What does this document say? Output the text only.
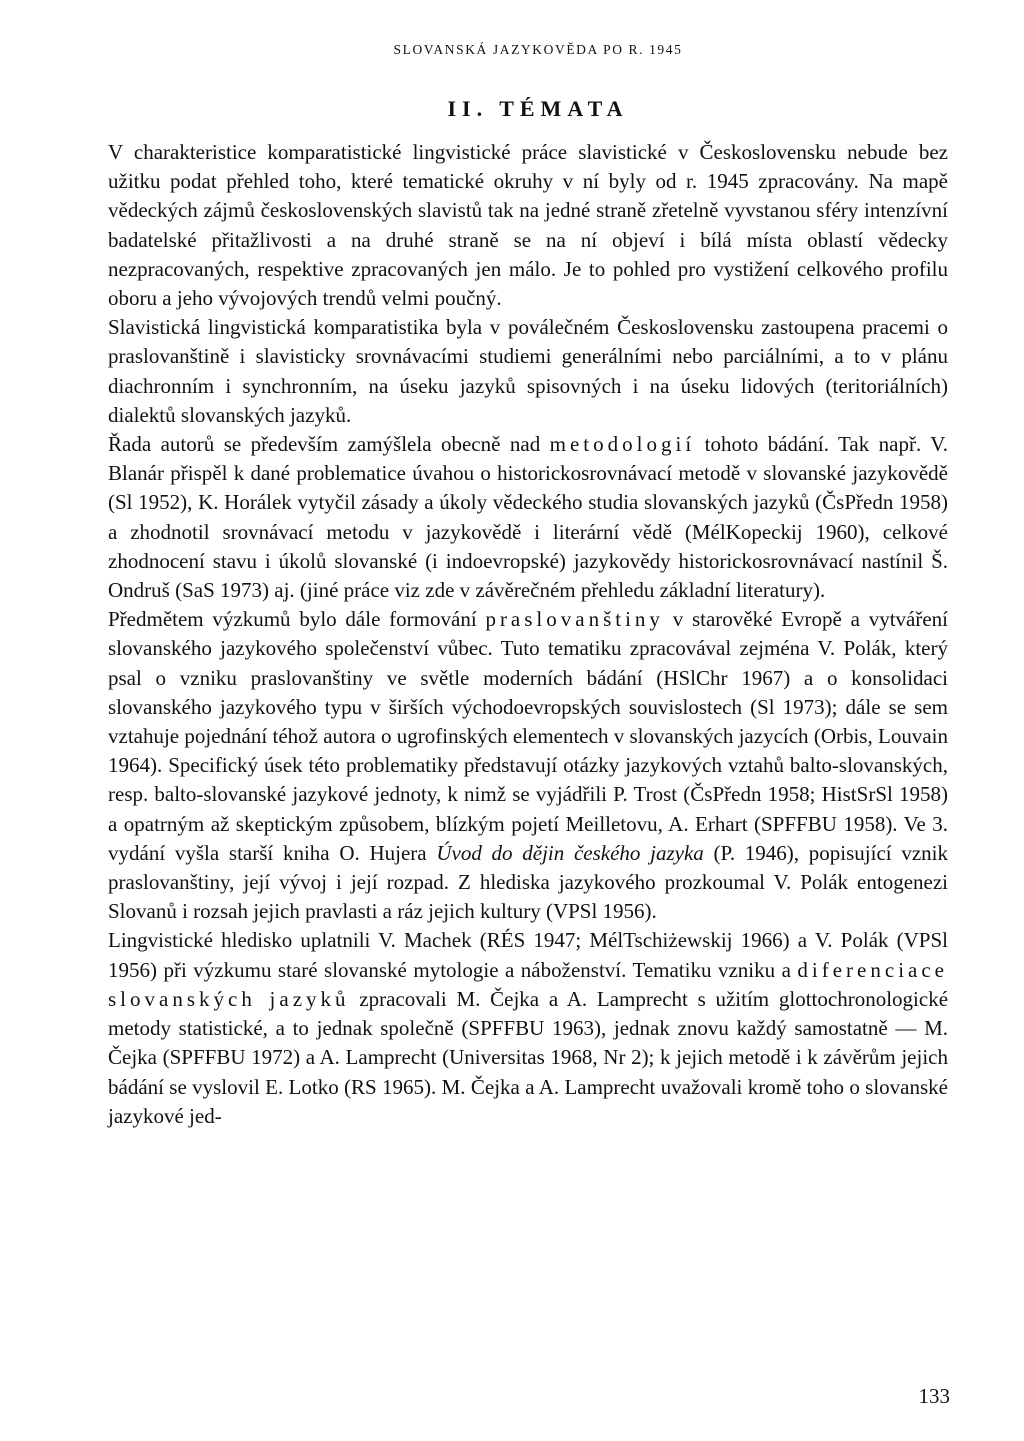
SLOVANSKÁ JAZYKOVĚDA PO R. 1945

II. TÉMATA

V charakteristice komparatistické lingvistické práce slavistické v Československu nebude bez užitku podat přehled toho, které tematické okruhy v ní byly od r. 1945 zpracovány. Na mapě vědeckých zájmů československých slavistů tak na jedné straně zřetelně vyvstanou sféry intenzívní badatelské přitažlivosti a na druhé straně se na ní objeví i bílá místa oblastí vědecky nezpracovaných, respektive zpracovaných jen málo. Je to pohled pro vystižení celkového profilu oboru a jeho vývojových trendů velmi poučný.

Slavistická lingvistická komparatistika byla v poválečném Československu zastoupena pracemi o praslovanštině i slavisticky srovnávacími studiemi generálními nebo parciálními, a to v plánu diachronním i synchronním, na úseku jazyků spisovných i na úseku lidových (teritoriálních) dialektů slovanských jazyků.

Řada autorů se především zamýšlela obecně nad metodologií tohoto bádání. Tak např. V. Blanár přispěl k dané problematice úvahou o historickosrovnávací metodě v slovanské jazykovědě (Sl 1952), K. Horálek vytyčil zásady a úkoly vědeckého studia slovanských jazyků (ČsPředn 1958) a zhodnotil srovnávací metodu v jazykovědě i literární vědě (MélKopeckij 1960), celkové zhodnocení stavu i úkolů slovanské (i indoevropské) jazykovědy historickosrovnávací nastínil Š. Ondruš (SaS 1973) aj. (jiné práce viz zde v závěrečném přehledu základní literatury).

Předmětem výzkumů bylo dále formování praslovanštiny v starověké Evropě a vytváření slovanského jazykového společenství vůbec. Tuto tematiku zpracovával zejména V. Polák, který psal o vzniku praslovanštiny ve světle moderních bádání (HSlChr 1967) a o konsolidaci slovanského jazykového typu v širších východoevropských souvislostech (Sl 1973); dále se sem vztahuje pojednání téhož autora o ugrofinských elementech v slovanských jazycích (Orbis, Louvain 1964). Specifický úsek této problematiky představují otázky jazykových vztahů balto-slovanských, resp. balto-slovanské jazykové jednoty, k nimž se vyjádřili P. Trost (ČsPředn 1958; HistSrSl 1958) a opatrným až skeptickým způsobem, blízkým pojetí Meilletovu, A. Erhart (SPFFBU 1958). Ve 3. vydání vyšla starší kniha O. Hujera Úvod do dějin českého jazyka (P. 1946), popisující vznik praslovanštiny, její vývoj i její rozpad. Z hlediska jazykového prozkoumal V. Polák entogenezi Slovanů i rozsah jejich pravlasti a ráz jejich kultury (VPSl 1956).

Lingvistické hledisko uplatnili V. Machek (RÉS 1947; MélTschiżewskij 1966) a V. Polák (VPSl 1956) při výzkumu staré slovanské mytologie a náboženství. Tematiku vzniku a diferenciace slovanských jazyků zpracovali M. Čejka a A. Lamprecht s užitím glottochronologické metody statistické, a to jednak společně (SPFFBU 1963), jednak znovu každý samostatně — M. Čejka (SPFFBU 1972) a A. Lamprecht (Universitas 1968, Nr 2); k jejich metodě i k závěrům jejich bádání se vyslovil E. Lotko (RS 1965). M. Čejka a A. Lamprecht uvažovali kromě toho o slovanské jazykové jed-

133
